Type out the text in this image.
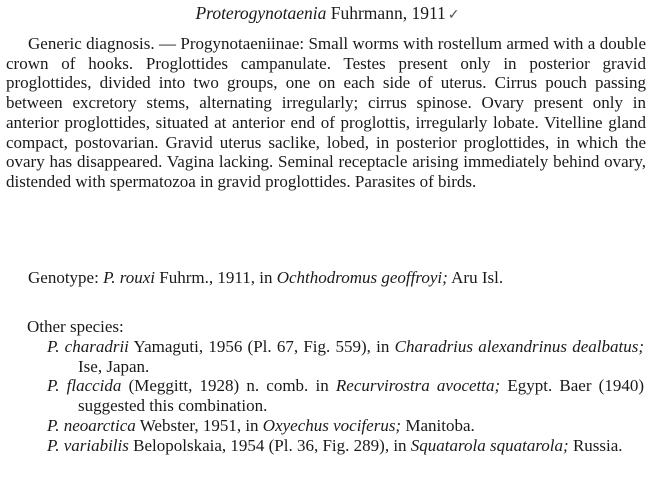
Proterogynotaenia Fuhrmann, 1911 ✓

Generic diagnosis. — Progynotaeniinae: Small worms with rostellum armed with a double crown of hooks. Proglottides campanulate. Testes present only in posterior gravid proglottides, divided into two groups, one on each side of uterus. Cirrus pouch passing between excretory stems, alternating irregularly; cirrus spinose. Ovary present only in anterior proglottides, situated at anterior end of proglottis, irregularly lobate. Vitelline gland compact, postovarian. Gravid uterus saclike, lobed, in posterior proglottides, in which the ovary has disappeared. Vagina lacking. Seminal receptacle arising immediately behind ovary, distended with spermatozoa in gravid proglottides. Parasites of birds.

Genotype: P. rouxi Fuhrm., 1911, in Ochthodromus geoffroyi; Aru Isl.

Other species:
P. charadrii Yamaguti, 1956 (Pl. 67, Fig. 559), in Charadrius alexandrinus dealbatus; Ise, Japan.
P. flaccida (Meggitt, 1928) n. comb. in Recurvirostra avocetta; Egypt. Baer (1940) suggested this combination.
P. neoarctica Webster, 1951, in Oxyechus vociferus; Manitoba.
P. variabilis Belopolskaia, 1954 (Pl. 36, Fig. 289), in Squatarola squatarola; Russia.
